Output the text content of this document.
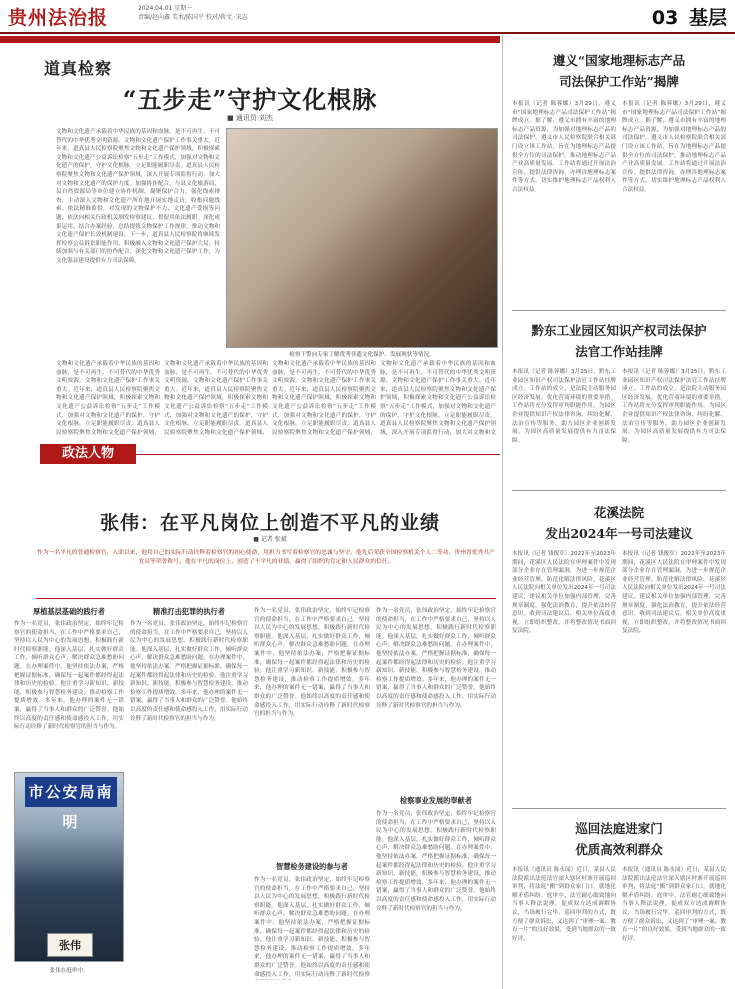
贵州法治报	2024.04.01 星期一
责编/赵向鑫 美术/陈国平 校对/蒋文 ·宋志	03 基层
道真检察
“五步走”守护文化根脉
■ 通讯员 刘杰
文物和文化遗产承载着中华民族的基因和血脉，是不可再生、不可替代的中华优秀文明资源。文物和文化遗产保护工作事关重大。近年来，道真县人民检察院聚焦文物和文化遗产保护领域，积极探索文物和文化遗产公益诉讼检察“五步走”工作模式，加强对文物和文化遗产的保护，守护文化根脉。立足职能履职尽责。道真县人民检察院聚焦文物和文化遗产保护领域，深入开展专项监督行动，加大对文物和文化遗产的保护力度。加强协作配合，与县文化旅游局、县自然资源局等单位建立协作机制，凝聚保护合力。强化线索排查，主动深入文物和文化遗产所在地开展实地走访，收集问题线索。依法精准监督，对发现的文物保护不力、文化遗产受损等问题，依法向相关行政机关制发检察建议，督促其依法履职。深化成果运用，结合办案经验，总结提炼文物保护工作规律，推动文物和文化遗产保护长效机制建设。下一步，道真县人民检察院将继续发挥检察公益诉讼职能作用，积极融入文物和文化遗产保护大局，持续加强与有关部门的协作配合，深化文物和文化遗产保护工作，为文化强县建设提供有力司法保障。
检察干警向专家了解优秀非遗文化保护、发展现状等情况。
文物和文化遗产承载着中华民族的基因和血脉，是不可再生、不可替代的中华优秀文明资源。文物和文化遗产保护工作事关重大。近年来，道真县人民检察院聚焦文物和文化遗产保护领域，积极探索文物和文化遗产公益诉讼检察“五步走”工作模式，加强对文物和文化遗产的保护，守护文化根脉。立足职能履职尽责。道真县人民检察院聚焦文物和文化遗产保护领域，
文物和文化遗产承载着中华民族的基因和血脉，是不可再生、不可替代的中华优秀文明资源。文物和文化遗产保护工作事关重大。近年来，道真县人民检察院聚焦文物和文化遗产保护领域，积极探索文物和文化遗产公益诉讼检察“五步走”工作模式，加强对文物和文化遗产的保护，守护文化根脉。立足职能履职尽责。道真县人民检察院聚焦文物和文化遗产保护领域，
文物和文化遗产承载着中华民族的基因和血脉，是不可再生、不可替代的中华优秀文明资源。文物和文化遗产保护工作事关重大。近年来，道真县人民检察院聚焦文物和文化遗产保护领域，积极探索文物和文化遗产公益诉讼检察“五步走”工作模式，加强对文物和文化遗产的保护，守护文化根脉。立足职能履职尽责。道真县人民检察院聚焦文物和文化遗产保护领域，
文物和文化遗产承载着中华民族的基因和血脉，是不可再生、不可替代的中华优秀文明资源。文物和文化遗产保护工作事关重大。近年来，道真县人民检察院聚焦文物和文化遗产保护领域，积极探索文物和文化遗产公益诉讼检察“五步走”工作模式，加强对文物和文化遗产的保护，守护文化根脉。立足职能履职尽责。道真县人民检察院聚焦文物和文化遗产保护领域，深入开展专项监督行动，加大对文物和文
政法人物
张伟：在平凡岗位上创造不平凡的业绩
■ 记者 张斌
作为一名平凡的普通检察官，入职以来，他用自己的实际行动诠释着检察官的初心使命，用担当书写着检察官的忠诚与坚守。他先后荣获全国检察机关个人二等功、贵州省优秀共产党员等荣誉称号。他在平凡的岗位上，创造了不平凡的业绩，赢得了组织的肯定和人民群众的信任。
厚植基层基础的践行者
作为一名党员，张伟政治坚定，始终牢记检察官的使命担当，在工作中严格要求自己，坚持以人民为中心的发展思想，积极践行新时代检察职能。他深入基层，扎实做好群众工作，倾听群众心声，解决群众急难愁盼问题。在办理案件中，他坚持依法办案，严格把握证据标准，确保每一起案件都经得起法律和历史的检验。他注重学习新知识、新技能，积极参与智慧检务建设，推动检察工作提质增效。多年来，他办理的案件无一错案，赢得了当事人和群众的广泛赞誉。他始终以高度的责任感和使命感投入工作，用实际行动诠释了新时代检察官的担当与作为。
市公安局南明
张伟
张伟在庭审中。
精准打击犯罪的执行者
作为一名党员，张伟政治坚定，始终牢记检察官的使命担当，在工作中严格要求自己，坚持以人民为中心的发展思想，积极践行新时代检察职能。他深入基层，扎实做好群众工作，倾听群众心声，解决群众急难愁盼问题。在办理案件中，他坚持依法办案，严格把握证据标准，确保每一起案件都经得起法律和历史的检验。他注重学习新知识、新技能，积极参与智慧检务建设，推动检察工作提质增效。多年来，他办理的案件无一错案，赢得了当事人和群众的广泛赞誉。他始终以高度的责任感和使命感投入工作，用实际行动诠释了新时代检察官的担当与作为。
作为一名党员，张伟政治坚定，始终牢记检察官的使命担当，在工作中严格要求自己，坚持以人民为中心的发展思想，积极践行新时代检察职能。他深入基层，扎实做好群众工作，倾听群众心声，解决群众急难愁盼问题。在办理案件中，他坚持依法办案，严格把握证据标准，确保每一起案件都经得起法律和历史的检验。他注重学习新知识、新技能，积极参与智慧检务建设，推动检察工作提质增效。多年来，他办理的案件无一错案，赢得了当事人和群众的广泛赞誉。他始终以高度的责任感和使命感投入工作，用实际行动诠释了新时代检察官的担当与作为。
智慧检务建设的参与者
作为一名党员，张伟政治坚定，始终牢记检察官的使命担当，在工作中严格要求自己，坚持以人民为中心的发展思想，积极践行新时代检察职能。他深入基层，扎实做好群众工作，倾听群众心声，解决群众急难愁盼问题。在办理案件中，他坚持依法办案，严格把握证据标准，确保每一起案件都经得起法律和历史的检验。他注重学习新知识、新技能，积极参与智慧检务建设，推动检察工作提质增效。多年来，他办理的案件无一错案，赢得了当事人和群众的广泛赞誉。他始终以高度的责任感和使命感投入工作，用实际行动诠释了新时代检察
作为一名党员，张伟政治坚定，始终牢记检察官的使命担当，在工作中严格要求自己，坚持以人民为中心的发展思想，积极践行新时代检察职能。他深入基层，扎实做好群众工作，倾听群众心声，解决群众急难愁盼问题。在办理案件中，他坚持依法办案，严格把握证据标准，确保每一起案件都经得起法律和历史的检验。他注重学习新知识、新技能，积极参与智慧检务建设，推动检察工作提质增效。多年来，他办理的案件无一错案，赢得了当事人和群众的广泛赞誉。他始终以高度的责任感和使命感投入工作，用实际行动诠释了新时代检察官的担当与作为。
检察事业发展的奉献者
作为一名党员，张伟政治坚定，始终牢记检察官的使命担当，在工作中严格要求自己，坚持以人民为中心的发展思想，积极践行新时代检察职能。他深入基层，扎实做好群众工作，倾听群众心声，解决群众急难愁盼问题。在办理案件中，他坚持依法办案，严格把握证据标准，确保每一起案件都经得起法律和历史的检验。他注重学习新知识、新技能，积极参与智慧检务建设，推动检察工作提质增效。多年来，他办理的案件无一错案，赢得了当事人和群众的广泛赞誉。他始终以高度的责任感和使命感投入工作，用实际行动诠释了新时代检察官的担当与作为。
遵义“国家地理标志产品
司法保护工作站”揭牌
本报讯（记者 陈蓉娜）3月29日，遵义市“国家地理标志产品司法保护工作站”揭牌成立。据了解，遵义市拥有丰富的地理标志产品资源，为加强对地理标志产品的司法保护，遵义市人民检察院联合相关部门设立该工作站，旨在为地理标志产品提供全方位的司法保护，推动地理标志产品产业高质量发展。工作站将通过开展法治宣传、提供法律咨询、办理涉地理标志案件等方式，切实维护地理标志产品权利人合法权益。
本报讯（记者 陈蓉娜）3月29日，遵义市“国家地理标志产品司法保护工作站”揭牌成立。据了解，遵义市拥有丰富的地理标志产品资源，为加强对地理标志产品的司法保护，遵义市人民检察院联合相关部门设立该工作站，旨在为地理标志产品提供全方位的司法保护，推动地理标志产品产业高质量发展。工作站将通过开展法治宣传、提供法律咨询、办理涉地理标志案件等方式，切实维护地理标志产品权利人合法权益。
黔东工业园区知识产权司法保护
法官工作站挂牌
本报讯（记者 陈蓉娜）3月25日，黔东工业园区知识产权司法保护法官工作站挂牌成立。工作站的成立，是法院主动服务园区经济发展、优化营商环境的重要举措。工作站将充分发挥审判职能作用，为园区企业提供知识产权法律咨询、纠纷化解、法治宣传等服务，助力园区企业创新发展，为园区高质量发展提供有力司法保障。
本报讯（记者 陈蓉娜）3月25日，黔东工业园区知识产权司法保护法官工作站挂牌成立。工作站的成立，是法院主动服务园区经济发展、优化营商环境的重要举措。工作站将充分发挥审判职能作用，为园区企业提供知识产权法律咨询、纠纷化解、法治宣传等服务，助力园区企业创新发展，为园区高质量发展提供有力司法保障。
花溪法院
发出2024年一号司法建议
本报讯（记者 钱俊军）2022年至2023年期间，花溪区人民法院在审理案件中发现部分企业存在管理漏洞，为进一步规范企业经营管理，防范化解法律风险，花溪区人民法院向相关单位发出2024年一号司法建议，建议相关单位加强内部管理，完善规章制度，强化法治教育，提升依法经营意识。收到司法建议后，相关单位高度重视，立即组织整改，并将整改情况书面回复法院。
本报讯（记者 钱俊军）2022年至2023年期间，花溪区人民法院在审理案件中发现部分企业存在管理漏洞，为进一步规范企业经营管理，防范化解法律风险，花溪区人民法院向相关单位发出2024年一号司法建议，建议相关单位加强内部管理，完善规章制度，强化法治教育，提升依法经营意识。收到司法建议后，相关单位高度重视，立即组织整改，并将整改情况书面回复法院。
巡回法庭进家门
优质高效利群众
本报讯（通讯员 陈永闻）近日，某县人民法院派出法庭法官深入辖区村寨开展巡回审判，将法庭“搬”到群众家门口，就地化解矛盾纠纷。庭审中，法官耐心细致地向当事人释法说理，促成双方达成调解协议，当场履行完毕。巡回审判的方式，既方便了群众诉讼，又达到了“审理一案、教育一片”的良好效果，受到当地群众的一致好评。
本报讯（通讯员 陈永闻）近日，某县人民法院派出法庭法官深入辖区村寨开展巡回审判，将法庭“搬”到群众家门口，就地化解矛盾纠纷。庭审中，法官耐心细致地向当事人释法说理，促成双方达成调解协议，当场履行完毕。巡回审判的方式，既方便了群众诉讼，又达到了“审理一案、教育一片”的良好效果，受到当地群众的一致好评。
